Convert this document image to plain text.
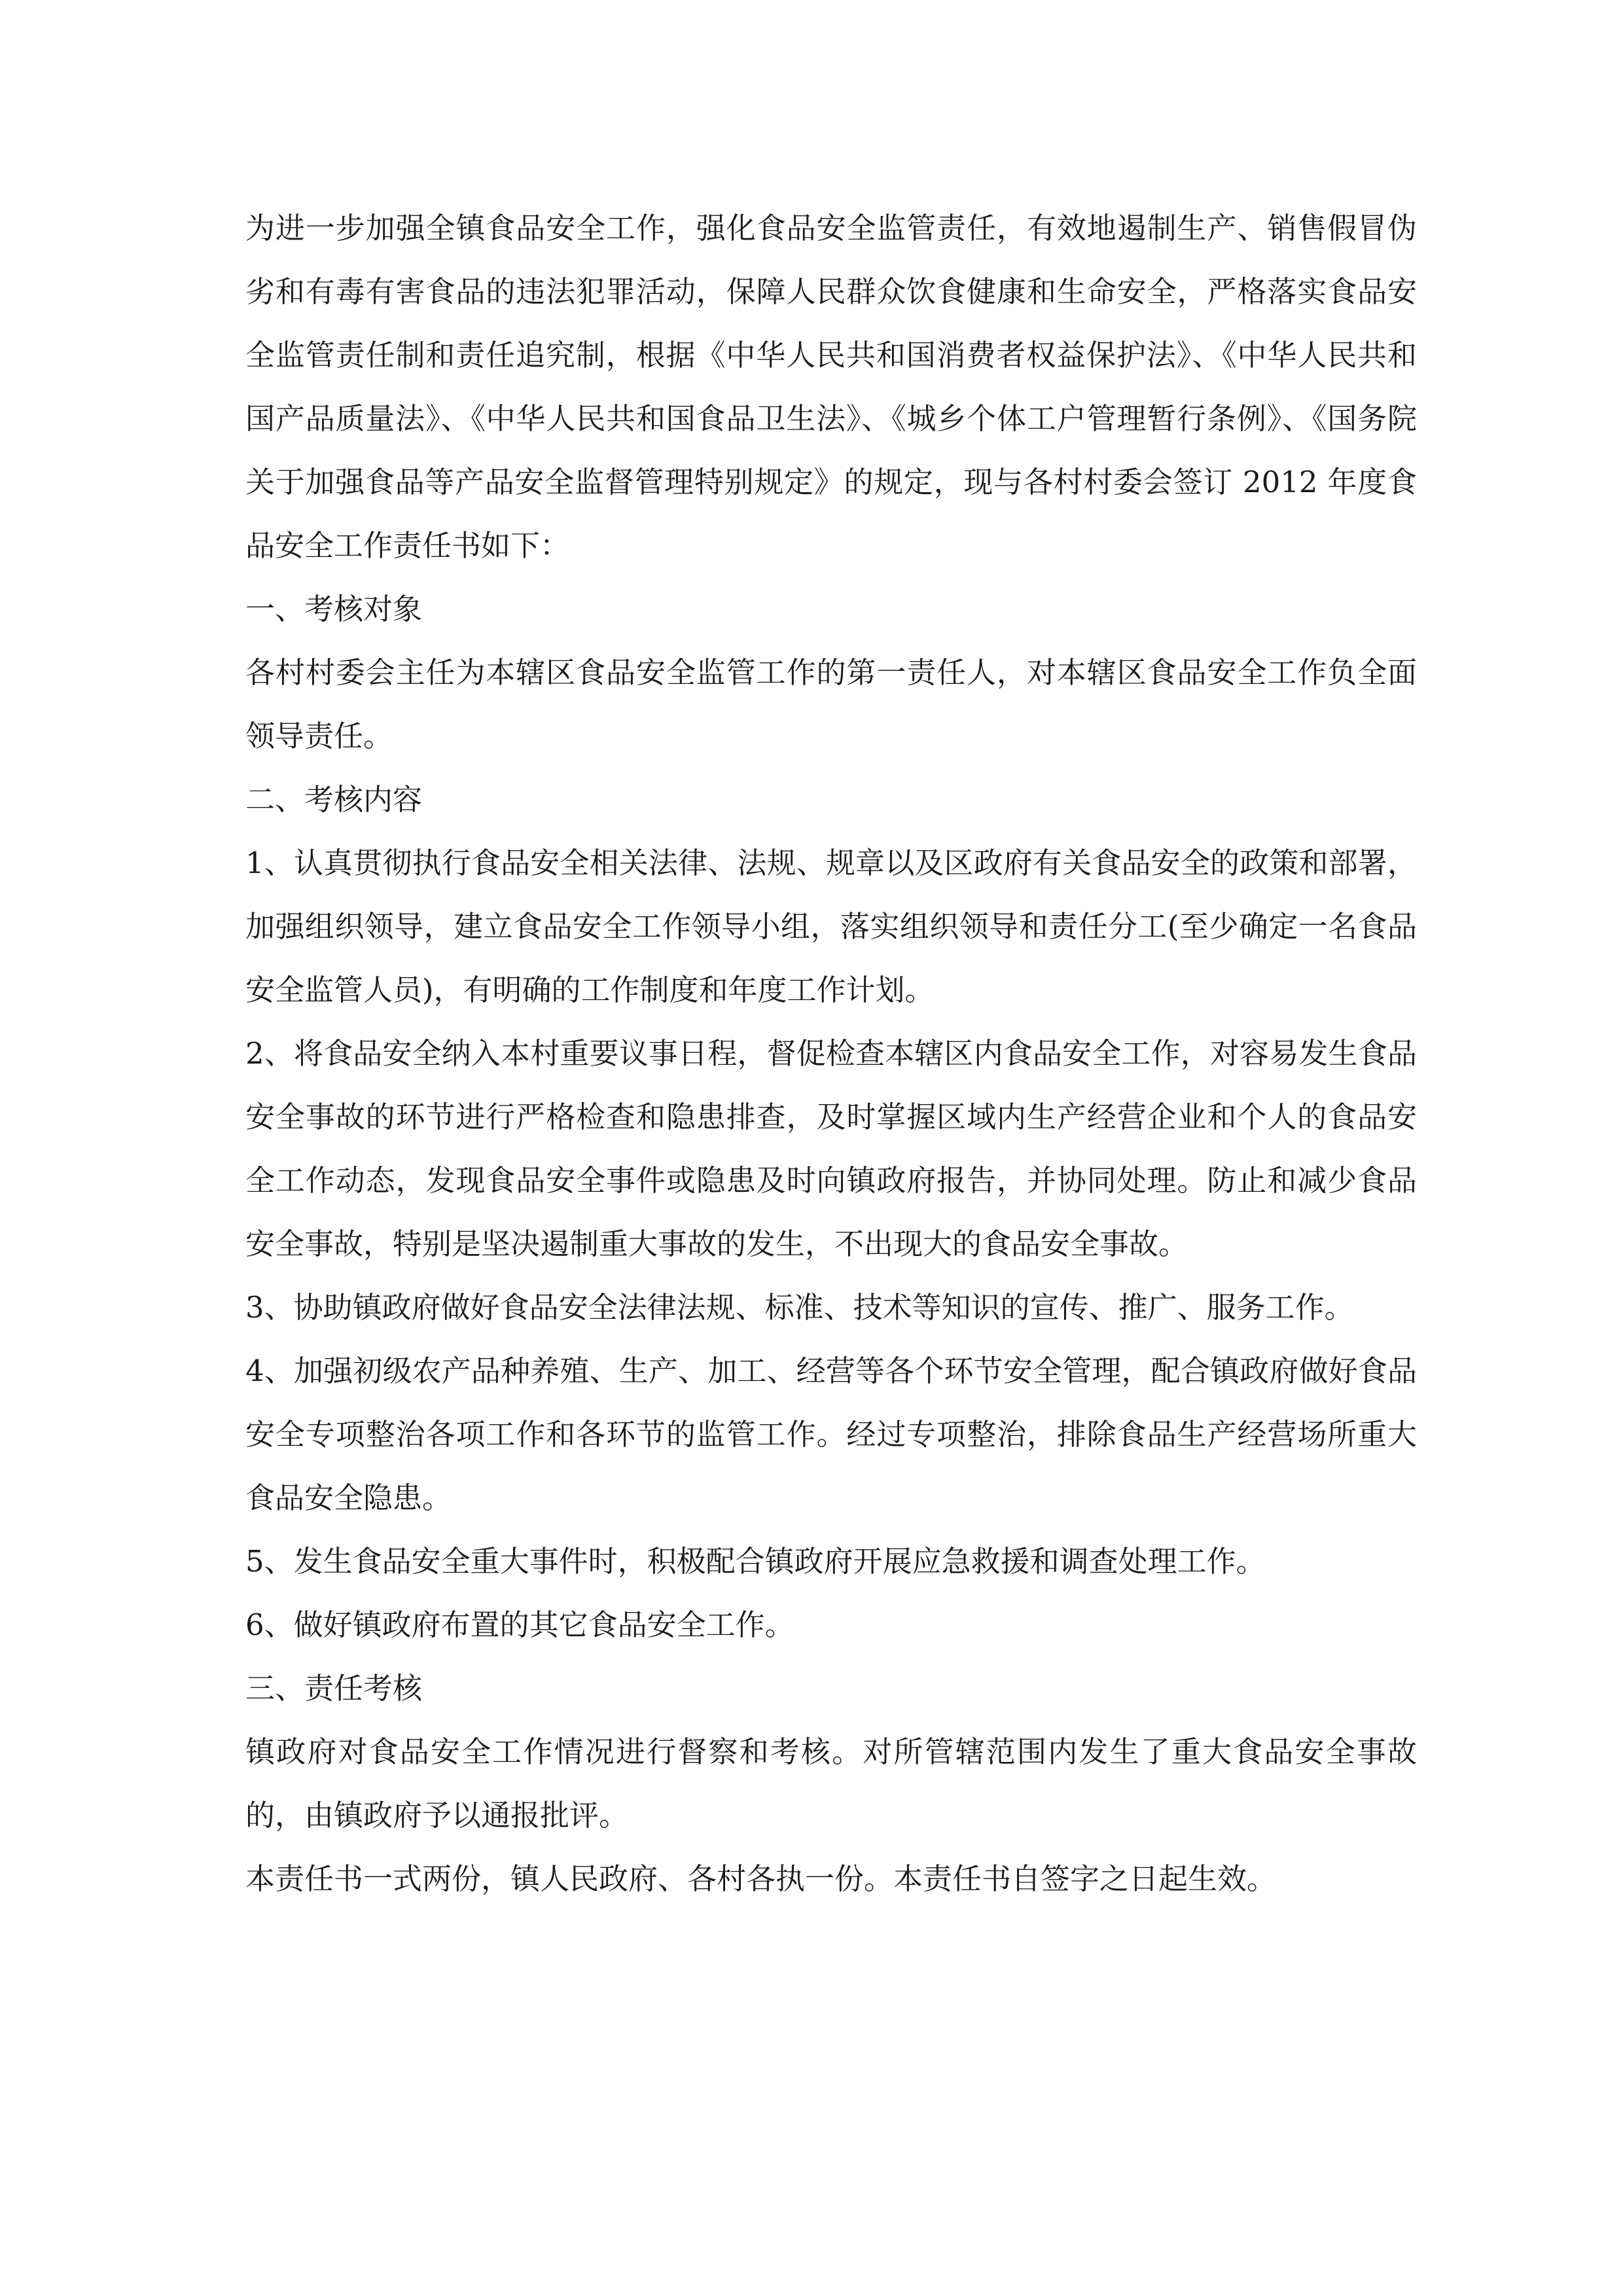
为进一步加强全镇食品安全工作，强化食品安全监管责任，有效地遏制生产、销售假冒伪劣和有毒有害食品的违法犯罪活动，保障人民群众饮食健康和生命安全，严格落实食品安全监管责任制和责任追究制，根据《中华人民共和国消费者权益保护法》、《中华人民共和国产品质量法》、《中华人民共和国食品卫生法》、《城乡个体工户管理暂行条例》、《国务院关于加强食品等产品安全监督管理特别规定》的规定，现与各村村委会签订 2012 年度食品安全工作责任书如下：

一、考核对象

各村村委会主任为本辖区食品安全监管工作的第一责任人，对本辖区食品安全工作负全面领导责任。

二、考核内容

1、认真贯彻执行食品安全相关法律、法规、规章以及区政府有关食品安全的政策和部署，加强组织领导，建立食品安全工作领导小组，落实组织领导和责任分工(至少确定一名食品安全监管人员)，有明确的工作制度和年度工作计划。

2、将食品安全纳入本村重要议事日程，督促检查本辖区内食品安全工作，对容易发生食品安全事故的环节进行严格检查和隐患排查，及时掌握区域内生产经营企业和个人的食品安全工作动态，发现食品安全事件或隐患及时向镇政府报告，并协同处理。防止和减少食品安全事故，特别是坚决遏制重大事故的发生，不出现大的食品安全事故。

3、协助镇政府做好食品安全法律法规、标准、技术等知识的宣传、推广、服务工作。

4、加强初级农产品种养殖、生产、加工、经营等各个环节安全管理，配合镇政府做好食品安全专项整治各项工作和各环节的监管工作。经过专项整治，排除食品生产经营场所重大食品安全隐患。

5、发生食品安全重大事件时，积极配合镇政府开展应急救援和调查处理工作。

6、做好镇政府布置的其它食品安全工作。

三、责任考核

镇政府对食品安全工作情况进行督察和考核。对所管辖范围内发生了重大食品安全事故的，由镇政府予以通报批评。

本责任书一式两份，镇人民政府、各村各执一份。本责任书自签字之日起生效。
